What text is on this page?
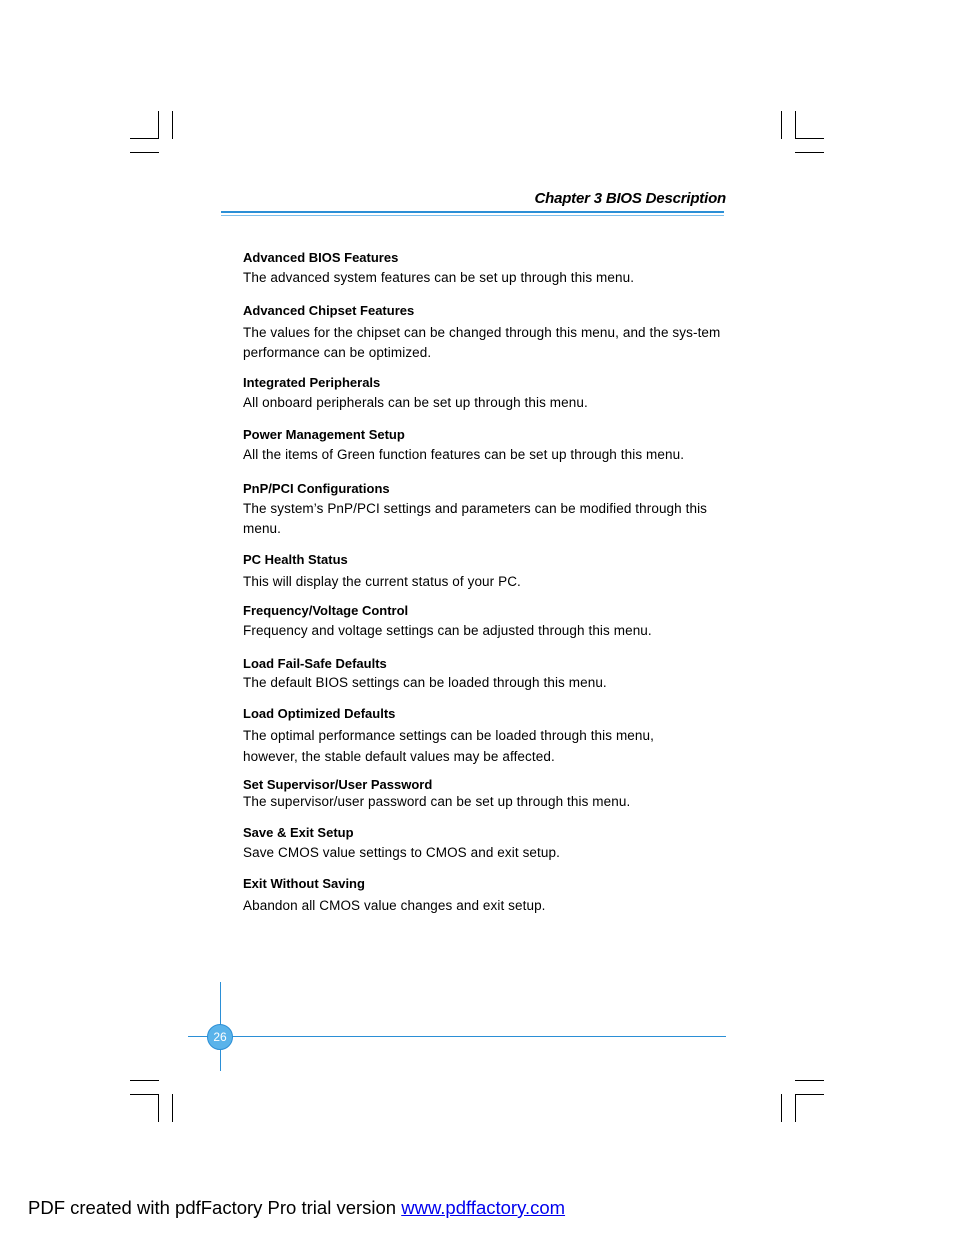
Chapter 3 BIOS Description
Advanced BIOS Features
The advanced system features can be set up through this menu.
Advanced Chipset Features
The values for the chipset can be changed through this menu, and the sys-tem performance can be optimized.
Integrated Peripherals
All onboard peripherals can be set up through this menu.
Power Management Setup
All the items of Green function features can be set up through this menu.
PnP/PCI Configurations
The system’s PnP/PCI settings and parameters can be modified through this menu.
PC Health Status
This will display the current status of your PC.
Frequency/Voltage Control
Frequency and voltage settings can be adjusted through this menu.
Load Fail-Safe Defaults
The default BIOS settings can be loaded through this menu.
Load Optimized Defaults
The optimal performance settings can be loaded through this menu, however, the stable default values may be affected.
Set Supervisor/User Password
The supervisor/user password can be set up through this menu.
Save & Exit Setup
Save CMOS value settings to CMOS and exit setup.
Exit Without Saving
Abandon all CMOS value changes and exit setup.
26
PDF created with pdfFactory Pro trial version www.pdffactory.com
